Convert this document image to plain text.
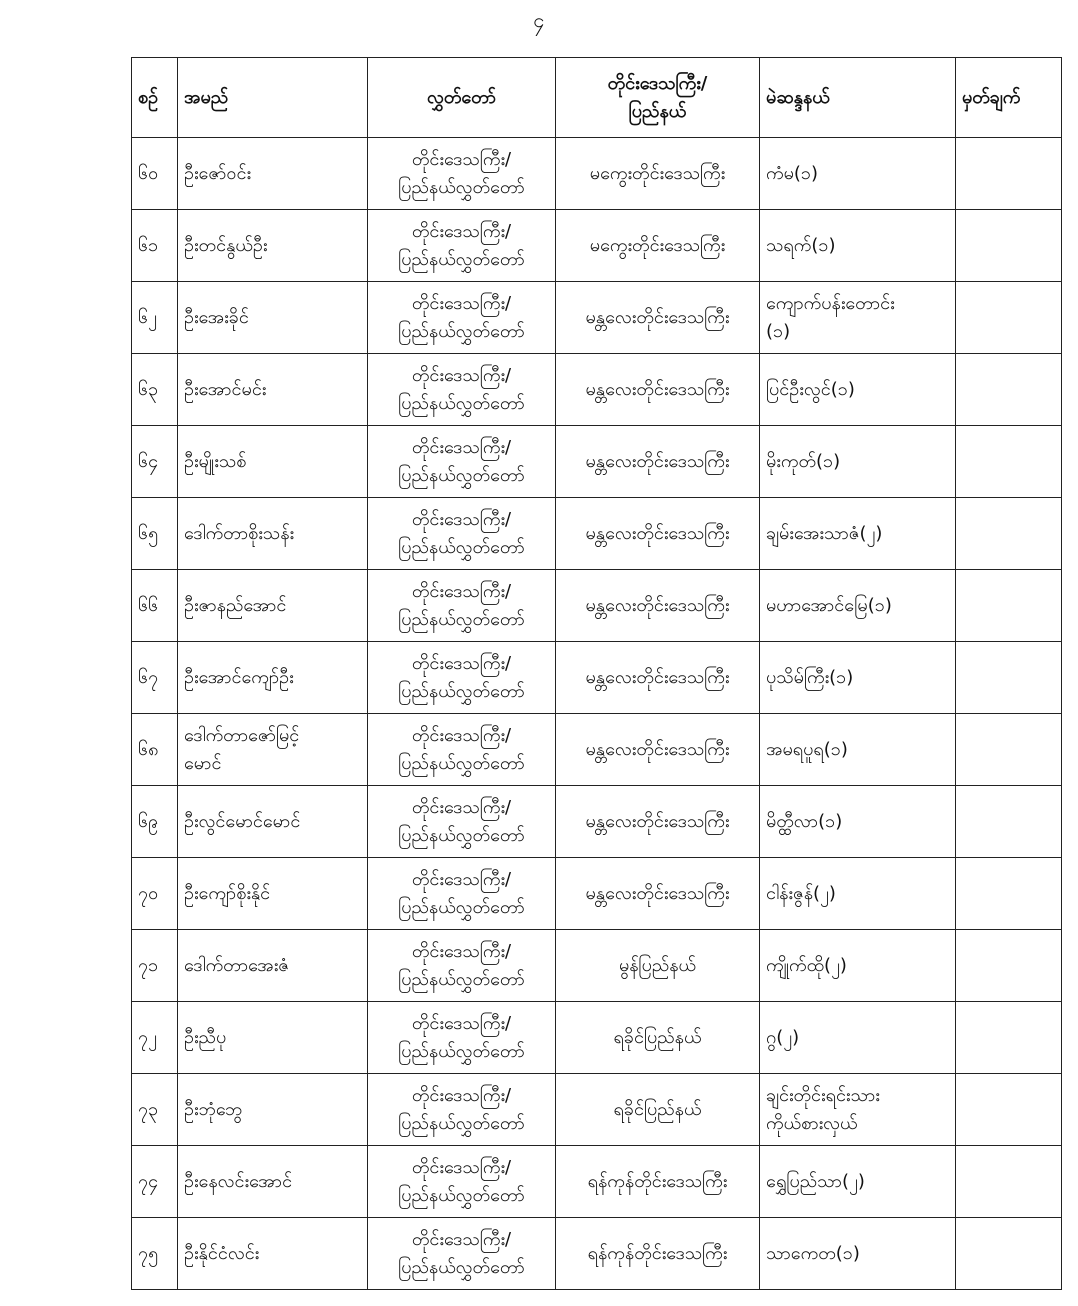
၄
စဉ်	အမည်	လွှတ်တော်	တိုင်းဒေသကြီး/
ပြည်နယ်	မဲဆန္ဒနယ်	မှတ်ချက်
၆၀	ဦးဇော်ဝင်း	တိုင်းဒေသကြီး/
ပြည်နယ်လွှတ်တော်	မကွေးတိုင်းဒေသကြီး	ကံမ(၁)	

၆၁	ဦးတင်နွယ်ဦး	တိုင်းဒေသကြီး/
ပြည်နယ်လွှတ်တော်	မကွေးတိုင်းဒေသကြီး	သရက်(၁)	

၆၂	ဦးအေးခိုင်	တိုင်းဒေသကြီး/
ပြည်နယ်လွှတ်တော်	မန္တလေးတိုင်းဒေသကြီး	ကျောက်ပန်းတောင်း
(၁)	

၆၃	ဦးအောင်မင်း	တိုင်းဒေသကြီး/
ပြည်နယ်လွှတ်တော်	မန္တလေးတိုင်းဒေသကြီး	ပြင်ဦးလွင်(၁)	

၆၄	ဦးမျိုးသစ်	တိုင်းဒေသကြီး/
ပြည်နယ်လွှတ်တော်	မန္တလေးတိုင်းဒေသကြီး	မိုးကုတ်(၁)	

၆၅	ဒေါက်တာစိုးသန်း	တိုင်းဒေသကြီး/
ပြည်နယ်လွှတ်တော်	မန္တလေးတိုင်းဒေသကြီး	ချမ်းအေးသာဇံ(၂)	

၆၆	ဦးဇာနည်အောင်	တိုင်းဒေသကြီး/
ပြည်နယ်လွှတ်တော်	မန္တလေးတိုင်းဒေသကြီး	မဟာအောင်မြေ(၁)	

၆၇	ဦးအောင်ကျော်ဦး	တိုင်းဒေသကြီး/
ပြည်နယ်လွှတ်တော်	မန္တလေးတိုင်းဒေသကြီး	ပုသိမ်ကြီး(၁)	

၆၈	ဒေါက်တာဇော်မြင့်
မောင်	တိုင်းဒေသကြီး/
ပြည်နယ်လွှတ်တော်	မန္တလေးတိုင်းဒေသကြီး	အမရပူရ(၁)	

၆၉	ဦးလွင်မောင်မောင်	တိုင်းဒေသကြီး/
ပြည်နယ်လွှတ်တော်	မန္တလေးတိုင်းဒေသကြီး	မိတ္ထီလာ(၁)	

၇၀	ဦးကျော်စိုးနိုင်	တိုင်းဒေသကြီး/
ပြည်နယ်လွှတ်တော်	မန္တလေးတိုင်းဒေသကြီး	ငါန်းဇွန်(၂)	

၇၁	ဒေါက်တာအေးဇံ	တိုင်းဒေသကြီး/
ပြည်နယ်လွှတ်တော်	မွန်ပြည်နယ်	ကျိုက်ထို(၂)	

၇၂	ဦးညီပု	တိုင်းဒေသကြီး/
ပြည်နယ်လွှတ်တော်	ရခိုင်ပြည်နယ်	ဂွ(၂)	

၇၃	ဦးဘုံဘွေ	တိုင်းဒေသကြီး/
ပြည်နယ်လွှတ်တော်	ရခိုင်ပြည်နယ်	ချင်းတိုင်းရင်းသား
ကိုယ်စားလှယ်	

၇၄	ဦးနေလင်းအောင်	တိုင်းဒေသကြီး/
ပြည်နယ်လွှတ်တော်	ရန်ကုန်တိုင်းဒေသကြီး	ရွှေပြည်သာ(၂)	

၇၅	ဦးနိုင်ငံလင်း	တိုင်းဒေသကြီး/
ပြည်နယ်လွှတ်တော်	ရန်ကုန်တိုင်းဒေသကြီး	သာကေတ(၁)	
